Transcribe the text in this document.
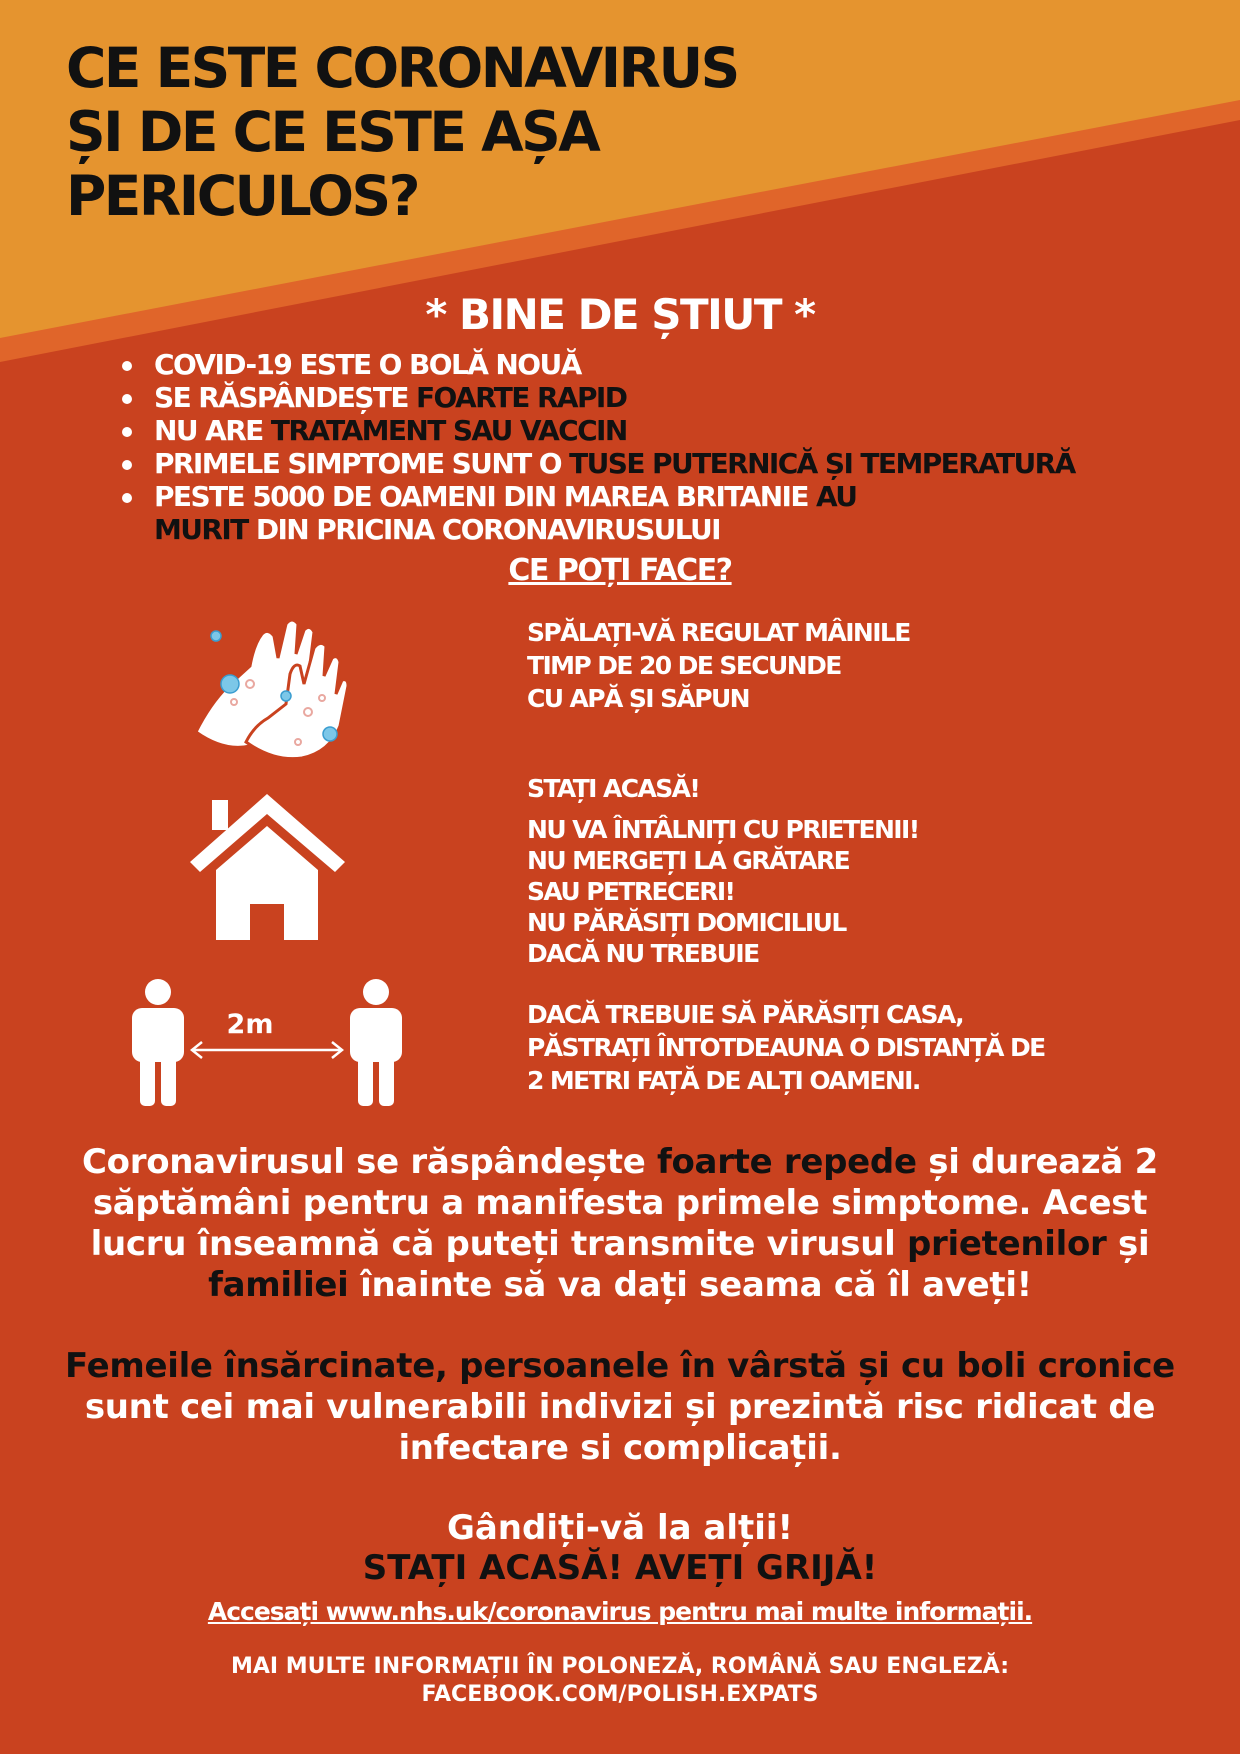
CE ESTE CORONAVIRUS
ȘI DE CE ESTE AȘA
PERICULOS?
* BINE DE ȘTIUT *
COVID-19 ESTE O BOLĂ NOUĂ
SE RĂSPÂNDEȘTE FOARTE RAPID
NU ARE TRATAMENT SAU VACCIN
PRIMELE SIMPTOME SUNT O TUSE PUTERNICĂ ȘI TEMPERATURĂ
PESTE 5000 DE OAMENI DIN MAREA BRITANIE AU
MURIT DIN PRICINA CORONAVIRUSULUI
CE POȚI FACE?
2m
SPĂLAȚI-VĂ REGULAT MÂINILE
TIMP DE 20 DE SECUNDE
CU APĂ ȘI SĂPUN
STAȚI ACASĂ!
NU VA ÎNTÂLNIȚI CU PRIETENII!
NU MERGEȚI LA GRĂTARE
SAU PETRECERI!
NU PĂRĂSIȚI DOMICILIUL
DACĂ NU TREBUIE
DACĂ TREBUIE SĂ PĂRĂSIȚI CASA,
PĂSTRAȚI ÎNTOTDEAUNA O DISTANȚĂ DE
2 METRI FAȚĂ DE ALȚI OAMENI.

Coronavirusul se răspândește foarte repede și durează 2 săptămâni pentru a manifesta primele simptome. Acest lucru înseamnă că puteți transmite virusul prietenilor și familiei înainte să va dați seama că îl aveți!

Femeile însărcinate, persoanele în vârstă și cu boli cronice sunt cei mai vulnerabili indivizi și prezintă risc ridicat de infectare si complicații.

Gândiți-vă la alții!
STAȚI ACASĂ! AVEȚI GRIJĂ!
Accesați www.nhs.uk/coronavirus pentru mai multe informații.
MAI MULTE INFORMAȚII ÎN POLONEZĂ, ROMÂNĂ SAU ENGLEZĂ:
FACEBOOK.COM/POLISH.EXPATS
